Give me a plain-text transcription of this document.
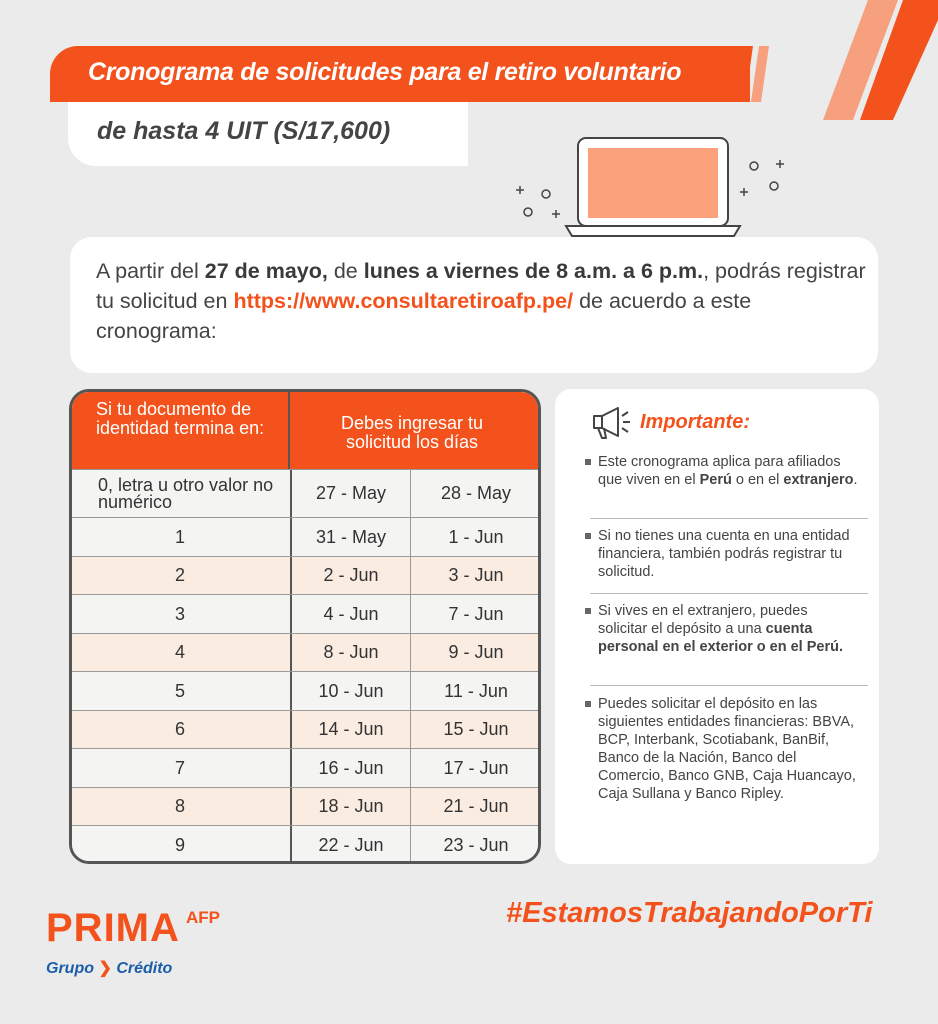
Cronograma de solicitudes para el retiro voluntario
de hasta 4 UIT (S/17,600)

A partir del 27 de mayo, de lunes a viernes de 8 a.m. a 6 p.m., podrás registrar tu solicitud en https://www.consultaretiroafp.pe/ de acuerdo a este cronograma:

Si tu documento de identidad termina en:	Debes ingresar tu solicitud los días
0, letra u otro valor no numérico	27 - May	28 - May
1	31 - May	1 - Jun
2	2 - Jun	3 - Jun
3	4 - Jun	7 - Jun
4	8 - Jun	9 - Jun
5	10 - Jun	11 - Jun
6	14 - Jun	15 - Jun
7	16 - Jun	17 - Jun
8	18 - Jun	21 - Jun
9	22 - Jun	23 - Jun
Importante:
Este cronograma aplica para afiliados que viven en el Perú o en el extranjero.
Si no tienes una cuenta en una entidad financiera, también podrás registrar tu solicitud.
Si vives en el extranjero, puedes solicitar el depósito a una cuenta personal en el exterior o en el Perú.
Puedes solicitar el depósito en las siguientes entidades financieras: BBVA, BCP, Interbank, Scotiabank, BanBif, Banco de la Nación, Banco del Comercio, Banco GNB, Caja Huancayo, Caja Sullana y Banco Ripley.
PRIMA AFP
Grupo ❯ Crédito
#EstamosTrabajandoPorTi
